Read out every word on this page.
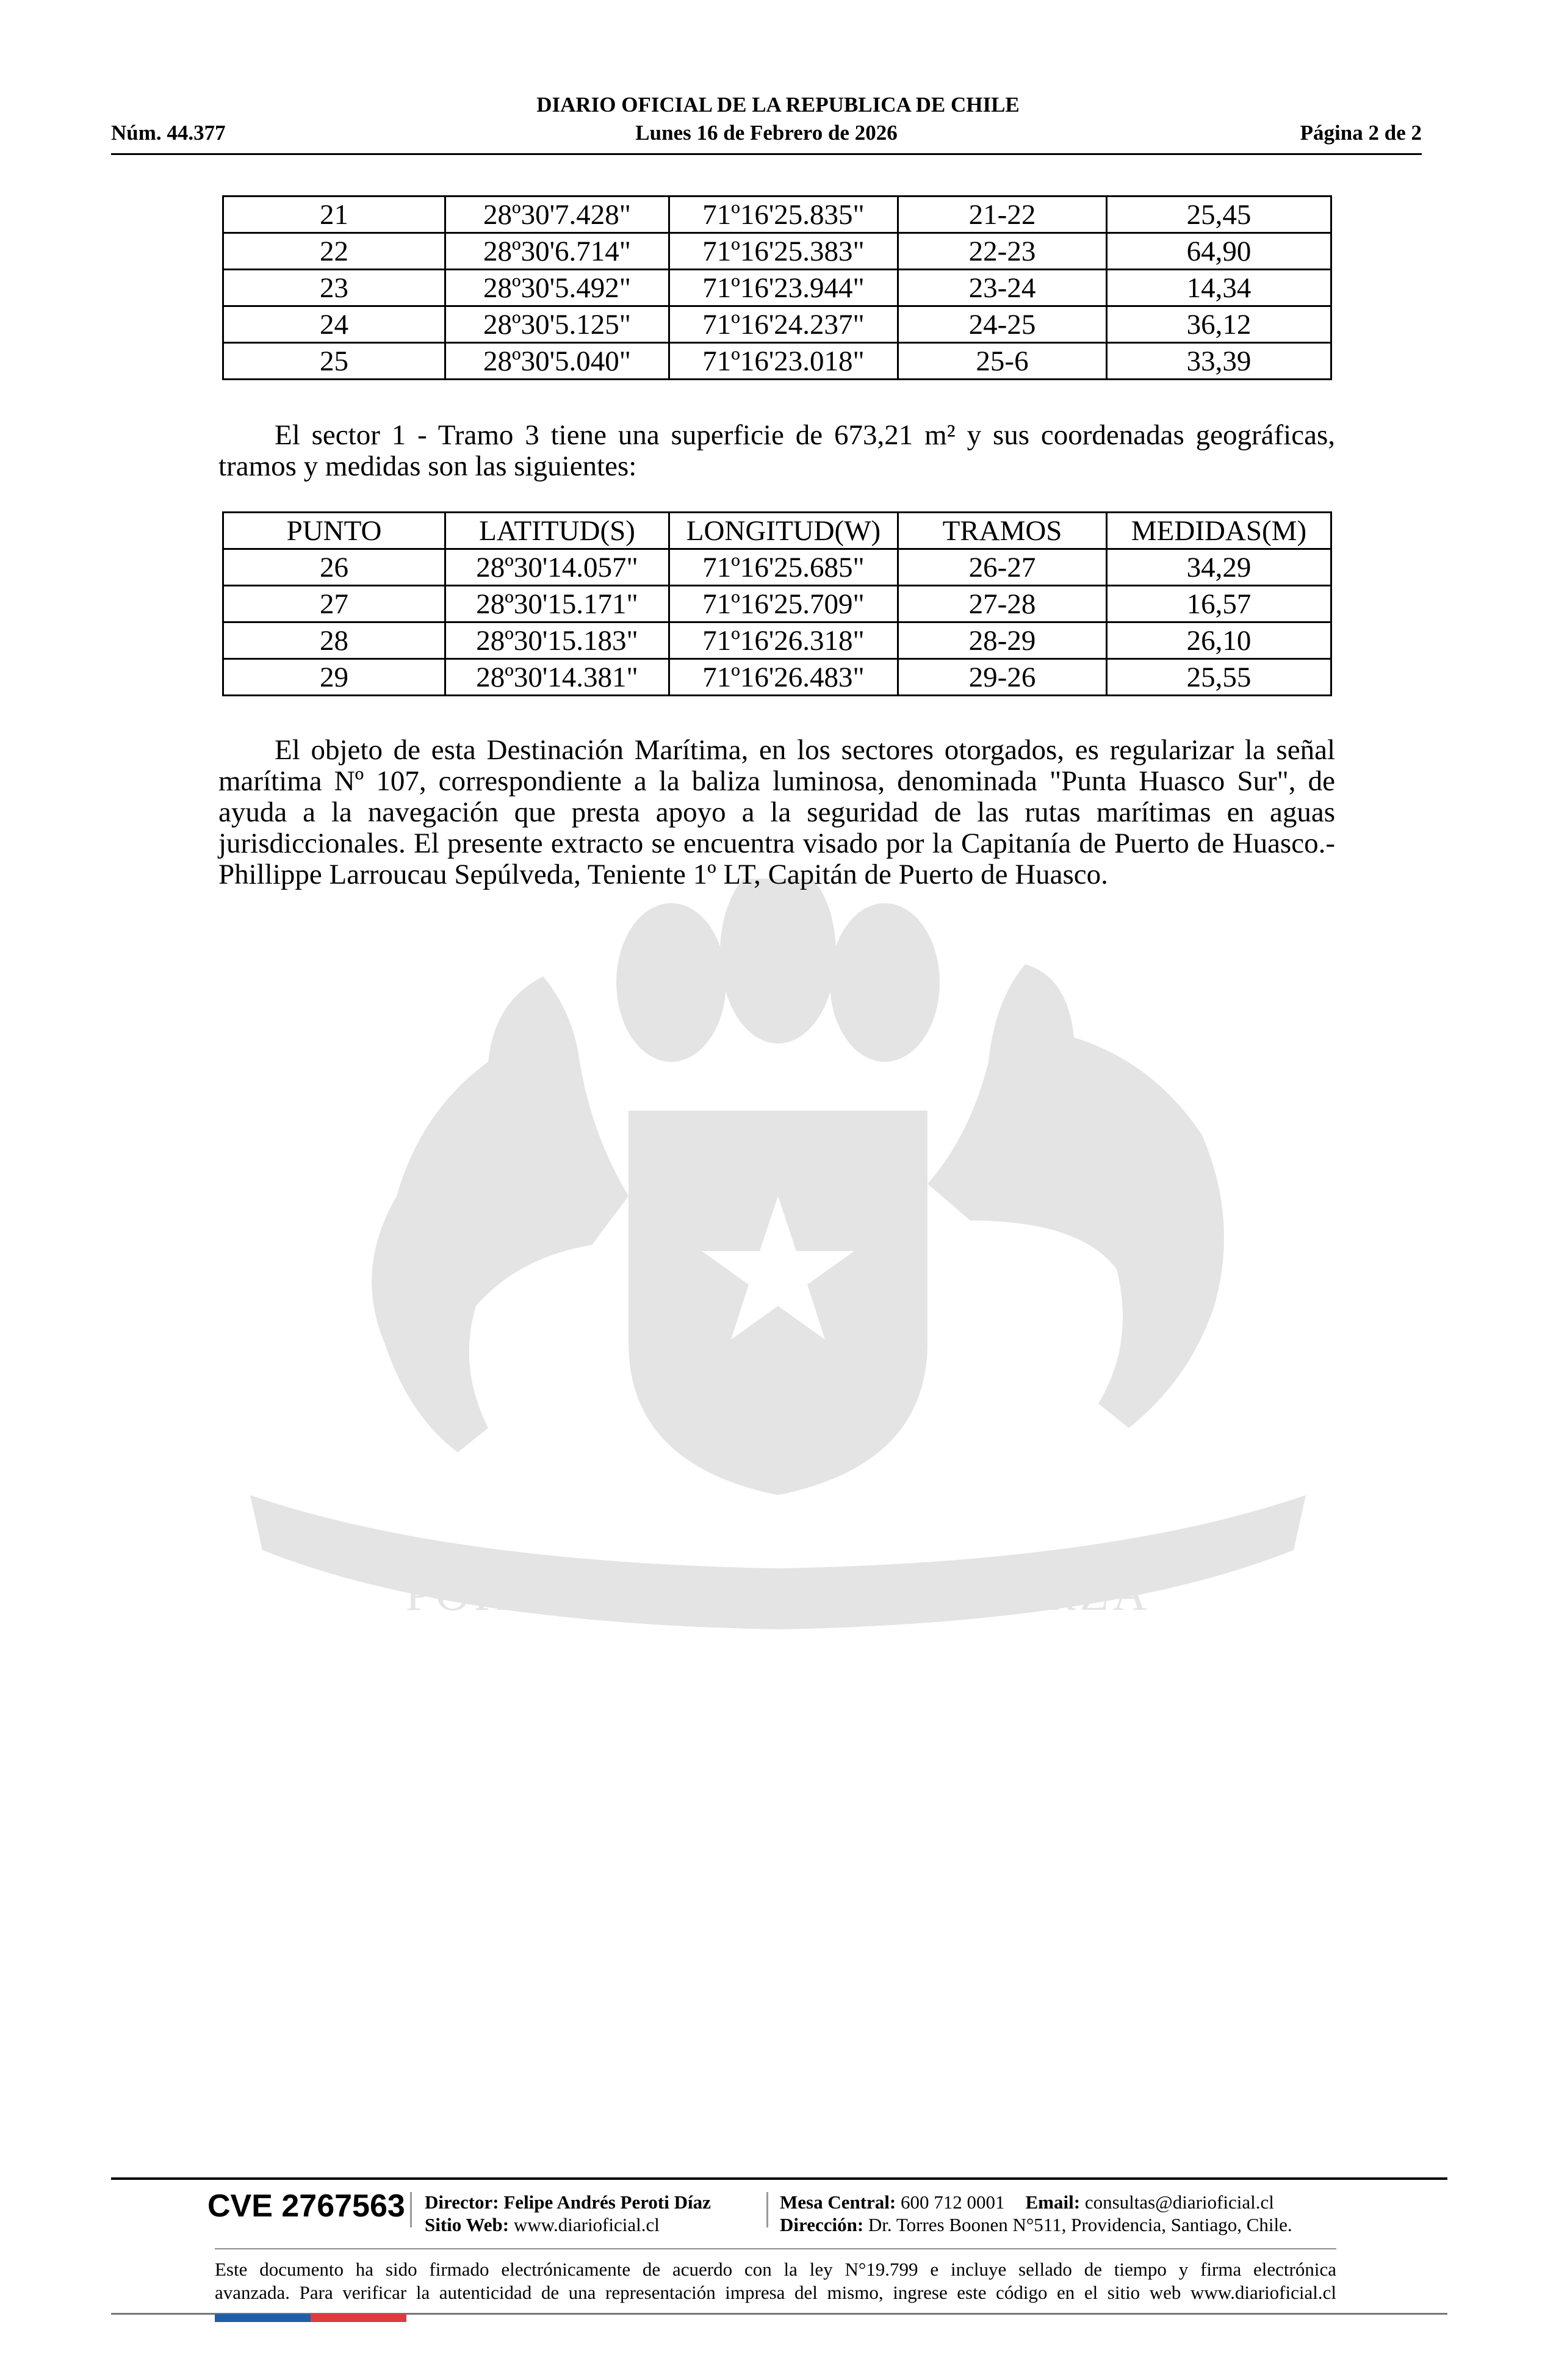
DIARIO OFICIAL DE LA REPUBLICA DE CHILE
Lunes 16 de Febrero de 2026
Núm. 44.377	Página 2 de 2
POR LA RAZÓN O LA FUERZA
21	28º30'7.428"	71º16'25.835"	21-22	25,45
22	28º30'6.714"	71º16'25.383"	22-23	64,90
23	28º30'5.492"	71º16'23.944"	23-24	14,34
24	28º30'5.125"	71º16'24.237"	24-25	36,12
25	28º30'5.040"	71º16'23.018"	25-6	33,39

El sector 1 - Tramo 3 tiene una superficie de 673,21 m² y sus coordenadas geográficas, tramos y medidas son las siguientes:

PUNTO	LATITUD(S)	LONGITUD(W)	TRAMOS	MEDIDAS(M)
26	28º30'14.057"	71º16'25.685"	26-27	34,29
27	28º30'15.171"	71º16'25.709"	27-28	16,57
28	28º30'15.183"	71º16'26.318"	28-29	26,10
29	28º30'14.381"	71º16'26.483"	29-26	25,55

El objeto de esta Destinación Marítima, en los sectores otorgados, es regularizar la señal marítima Nº 107, correspondiente a la baliza luminosa, denominada "Punta Huasco Sur", de ayuda a la navegación que presta apoyo a la seguridad de las rutas marítimas en aguas jurisdiccionales. El presente extracto se encuentra visado por la Capitanía de Puerto de Huasco.- Phillippe Larroucau Sepúlveda, Teniente 1º LT, Capitán de Puerto de Huasco.

CVE 2767563 Director: Felipe Andrés Peroti Díaz
Sitio Web: www.diarioficial.cl
Mesa Central: 600 712 0001 Email: consultas@diarioficial.cl
Dirección: Dr. Torres Boonen N°511, Providencia, Santiago, Chile.
Este documento ha sido firmado electrónicamente de acuerdo con la ley N°19.799 e incluye sellado de tiempo y firma electrónica
avanzada. Para verificar la autenticidad de una representación impresa del mismo, ingrese este código en el sitio web www.diarioficial.cl
